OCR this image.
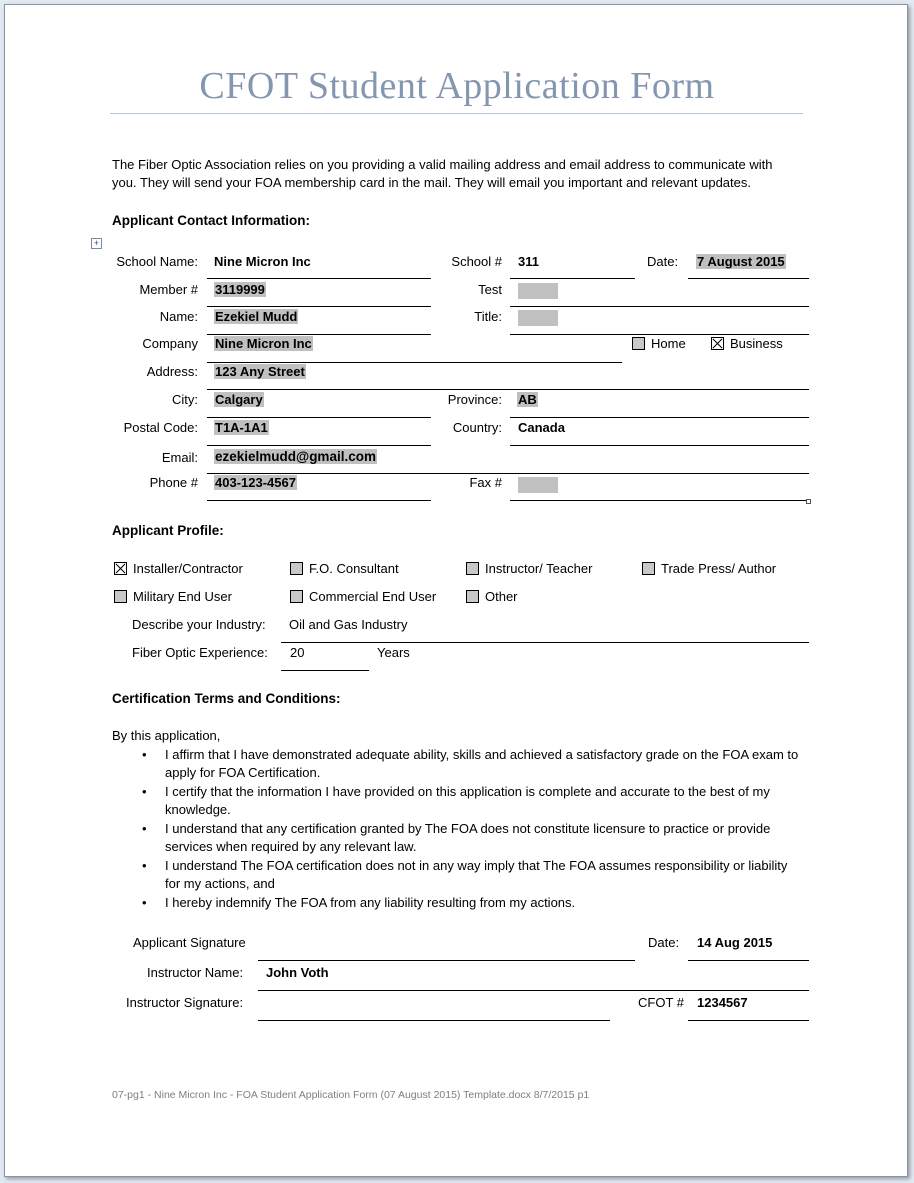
CFOT Student Application Form
The Fiber Optic Association relies on you providing a valid mailing address and email address to communicate with
you. They will send your FOA membership card in the mail. They will email you important and relevant updates.
Applicant Contact Information:
+
School Name: Nine Micron Inc	School # 311	Date: 7 August 2015
Member # 3119999	Test
Name: Ezekiel Mudd	Title:
Company Nine Micron Inc	Home	Business
Address: 123 Any Street
City: Calgary	Province: AB
Postal Code: T1A-1A1	Country: Canada
Email: ezekielmudd@gmail.com
Phone # 403-123-4567	Fax #
Applicant Profile:
Installer/Contractor	F.O. Consultant	Instructor/ Teacher	Trade Press/ Author
Military End User	Commercial End User	Other
Describe your Industry: Oil and Gas Industry
Fiber Optic Experience: 20	Years
Certification Terms and Conditions:
By this application,
• I affirm that I have demonstrated adequate ability, skills and achieved a satisfactory grade on the FOA exam to apply for FOA Certification.
• I certify that the information I have provided on this application is complete and accurate to the best of my knowledge.
• I understand that any certification granted by The FOA does not constitute licensure to practice or provide services when required by any relevant law.
• I understand The FOA certification does not in any way imply that The FOA assumes responsibility or liability for my actions, and
• I hereby indemnify The FOA from any liability resulting from my actions.
Applicant Signature	Date: 14 Aug 2015
Instructor Name: John Voth
Instructor Signature:	CFOT # 1234567
07-pg1 - Nine Micron Inc - FOA Student Application Form (07 August 2015) Template.docx 8/7/2015 p1
